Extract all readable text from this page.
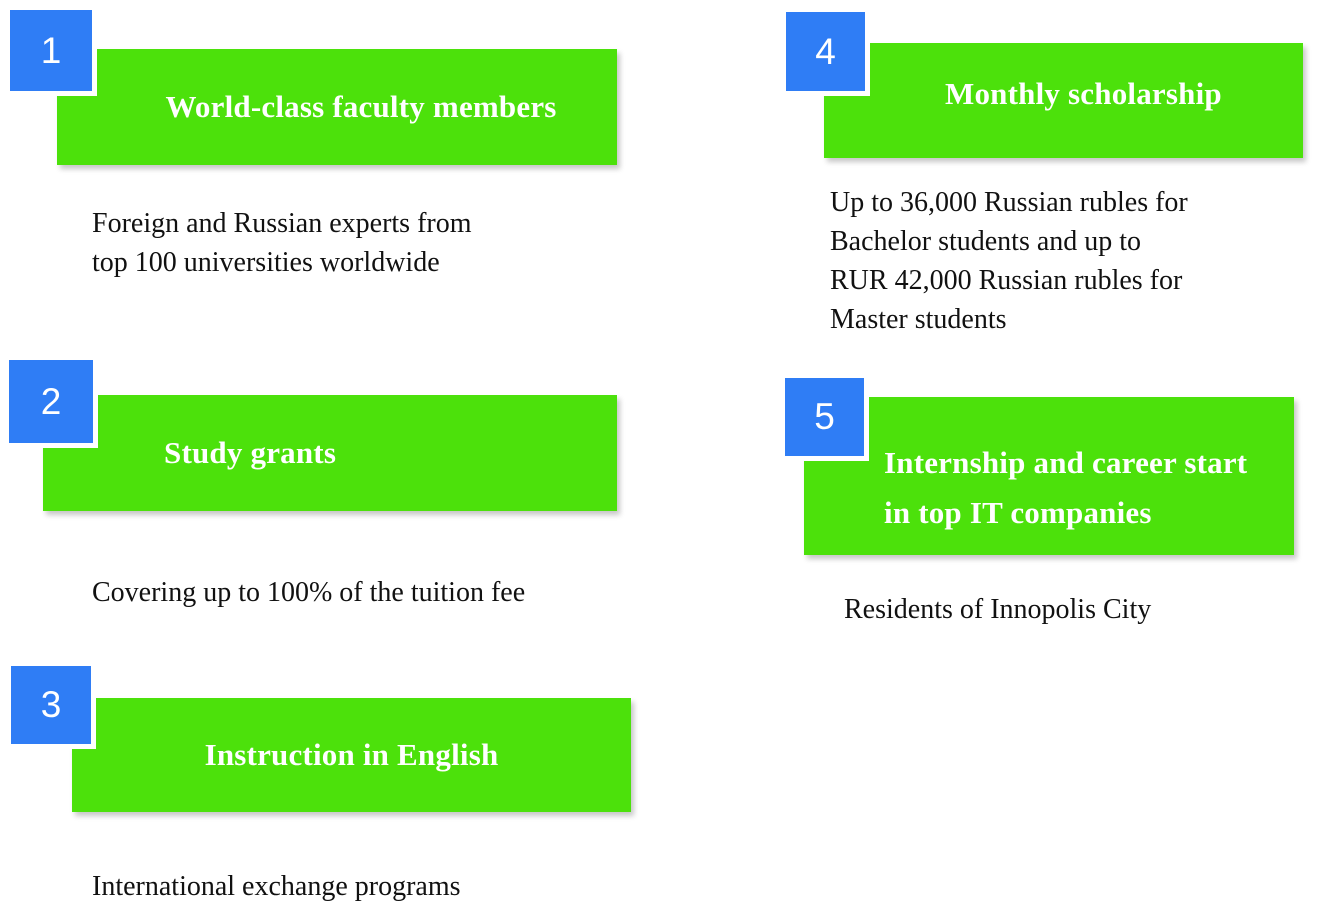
World-class faculty members
1
Foreign and Russian experts from
top 100 universities worldwide
Study grants
2
Covering up to 100% of the tuition fee
Instruction in English
3
International exchange programs
Monthly scholarship
4
Up to 36,000 Russian rubles for
Bachelor students and up to
RUR 42,000 Russian rubles for
Master students
Internship and career start
in top IT companies
5
Residents of Innopolis City
